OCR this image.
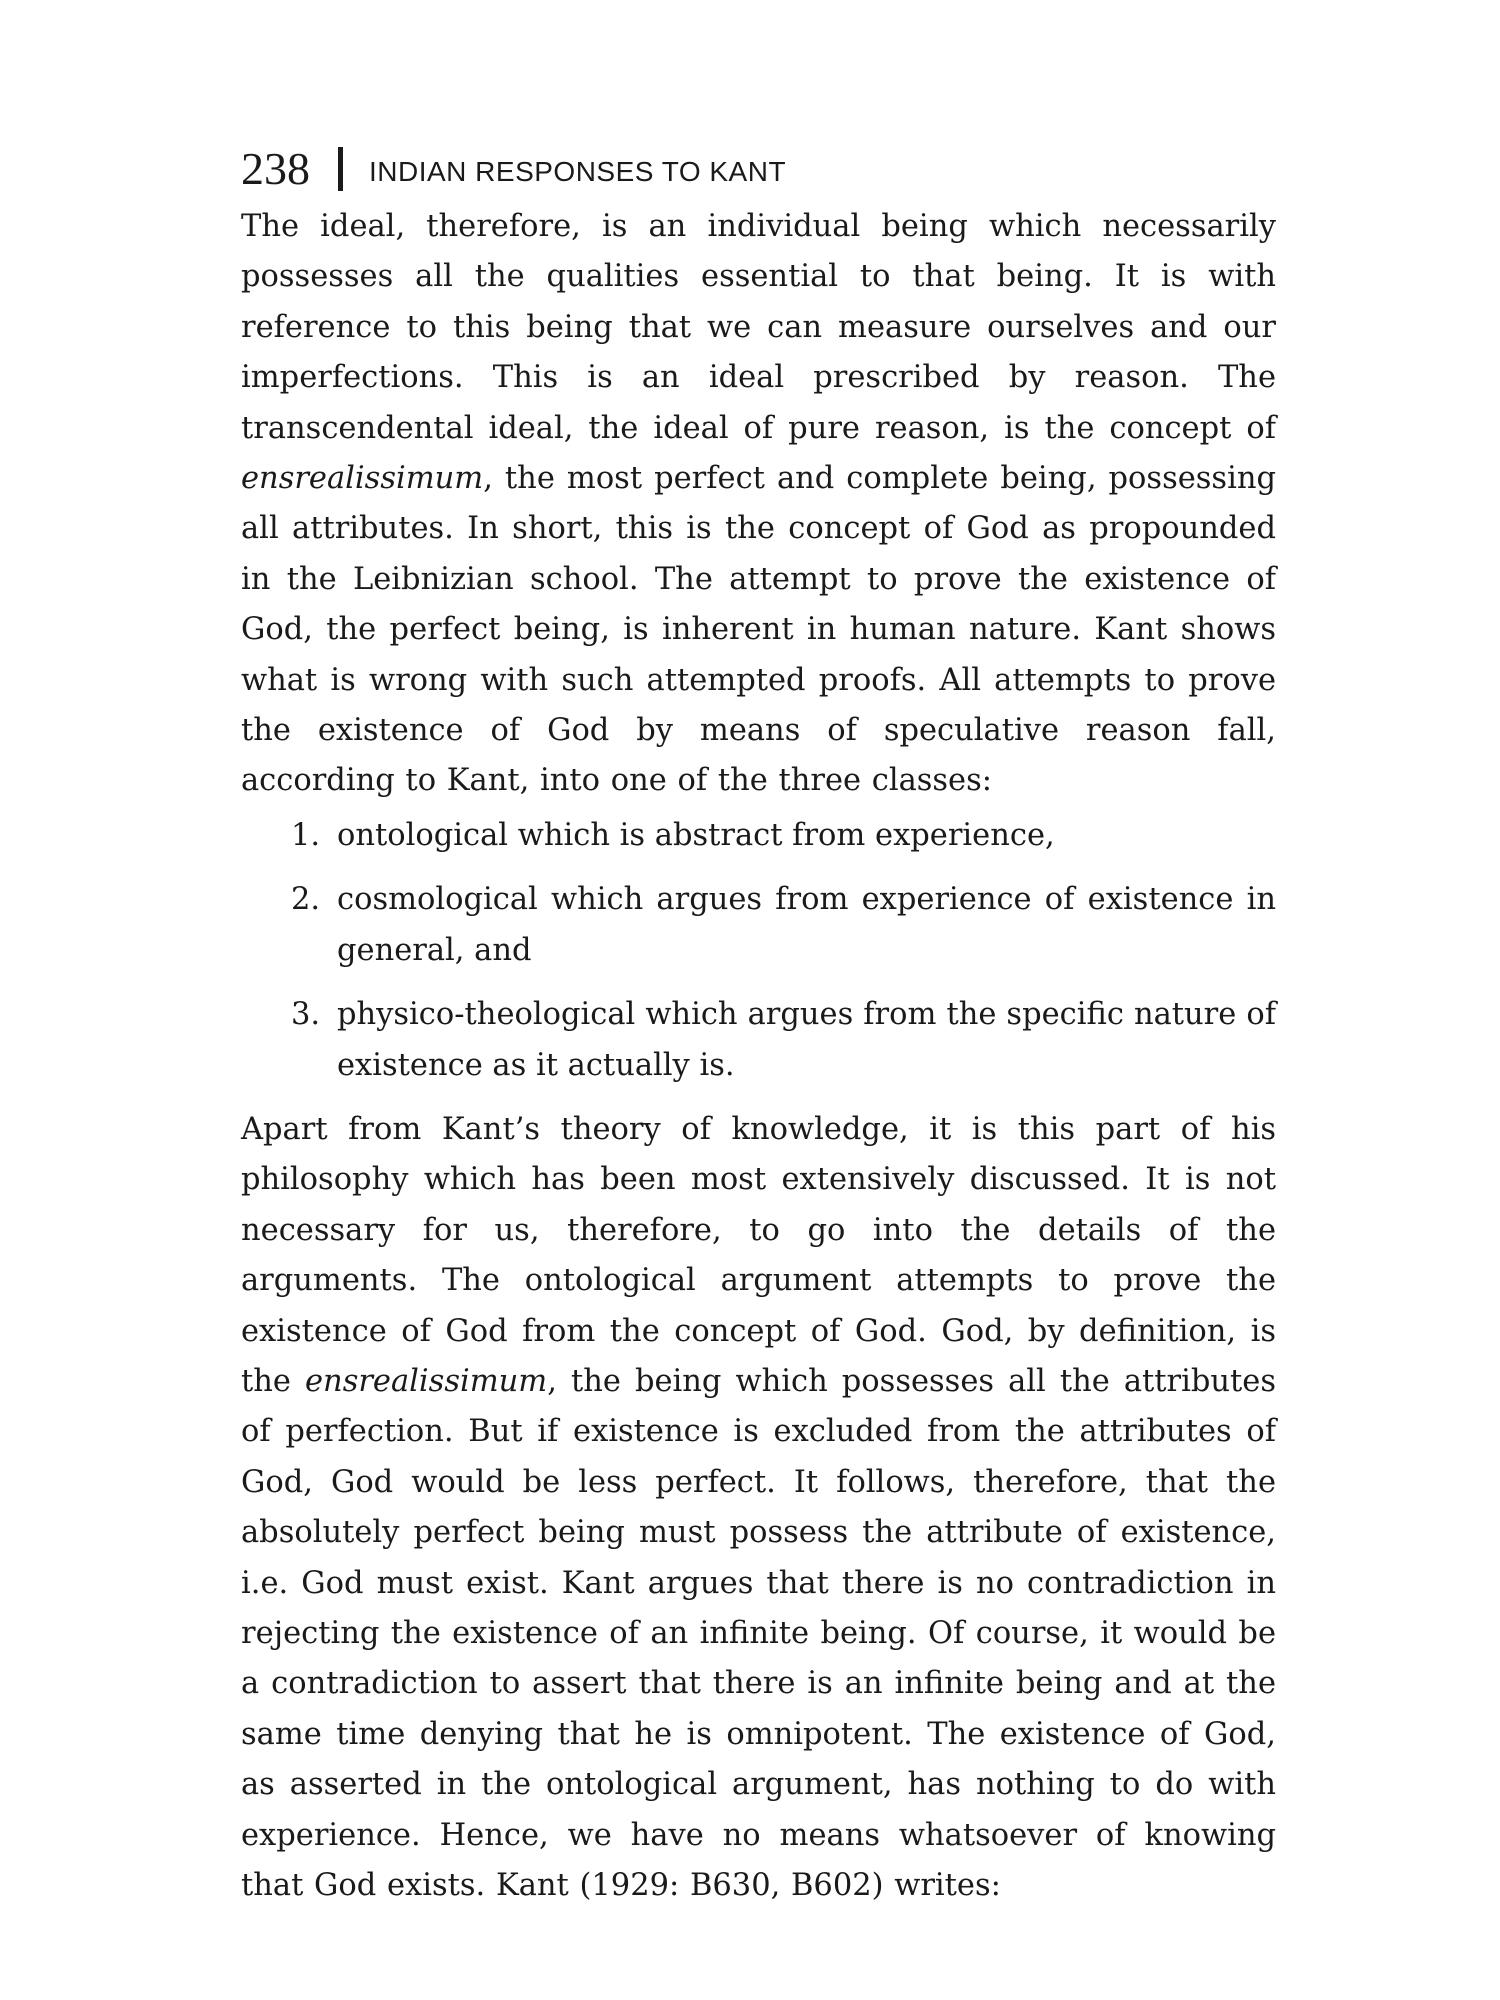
238 INDIAN RESPONSES TO KANT

The ideal, therefore, is an individual being which necessarily possesses all the qualities essential to that being. It is with reference to this being that we can measure ourselves and our imperfections. This is an ideal prescribed by reason. The transcendental ideal, the ideal of pure reason, is the concept of ensrealissimum, the most perfect and complete being, possessing all attributes. In short, this is the concept of God as propounded in the Leibnizian school. The attempt to prove the existence of God, the perfect being, is inherent in human nature. Kant shows what is wrong with such attempted proofs. All attempts to prove the existence of God by means of speculative reason fall, according to Kant, into one of the three classes:

1. ontological which is abstract from experience,
2. cosmological which argues from experience of existence in general, and
3. physico-theological which argues from the specific nature of existence as it actually is.

Apart from Kant’s theory of knowledge, it is this part of his philosophy which has been most extensively discussed. It is not necessary for us, therefore, to go into the details of the arguments. The ontological argument attempts to prove the existence of God from the concept of God. God, by definition, is the ensrealissimum, the being which possesses all the attributes of perfection. But if existence is excluded from the attributes of God, God would be less perfect. It follows, therefore, that the absolutely perfect being must possess the attribute of existence, i.e. God must exist. Kant argues that there is no contradiction in rejecting the existence of an infinite being. Of course, it would be a contradiction to assert that there is an infinite being and at the same time denying that he is omnipotent. The existence of God, as asserted in the ontological argument, has nothing to do with experience. Hence, we have no means whatsoever of knowing that God exists. Kant (1929: B630, B602) writes:
